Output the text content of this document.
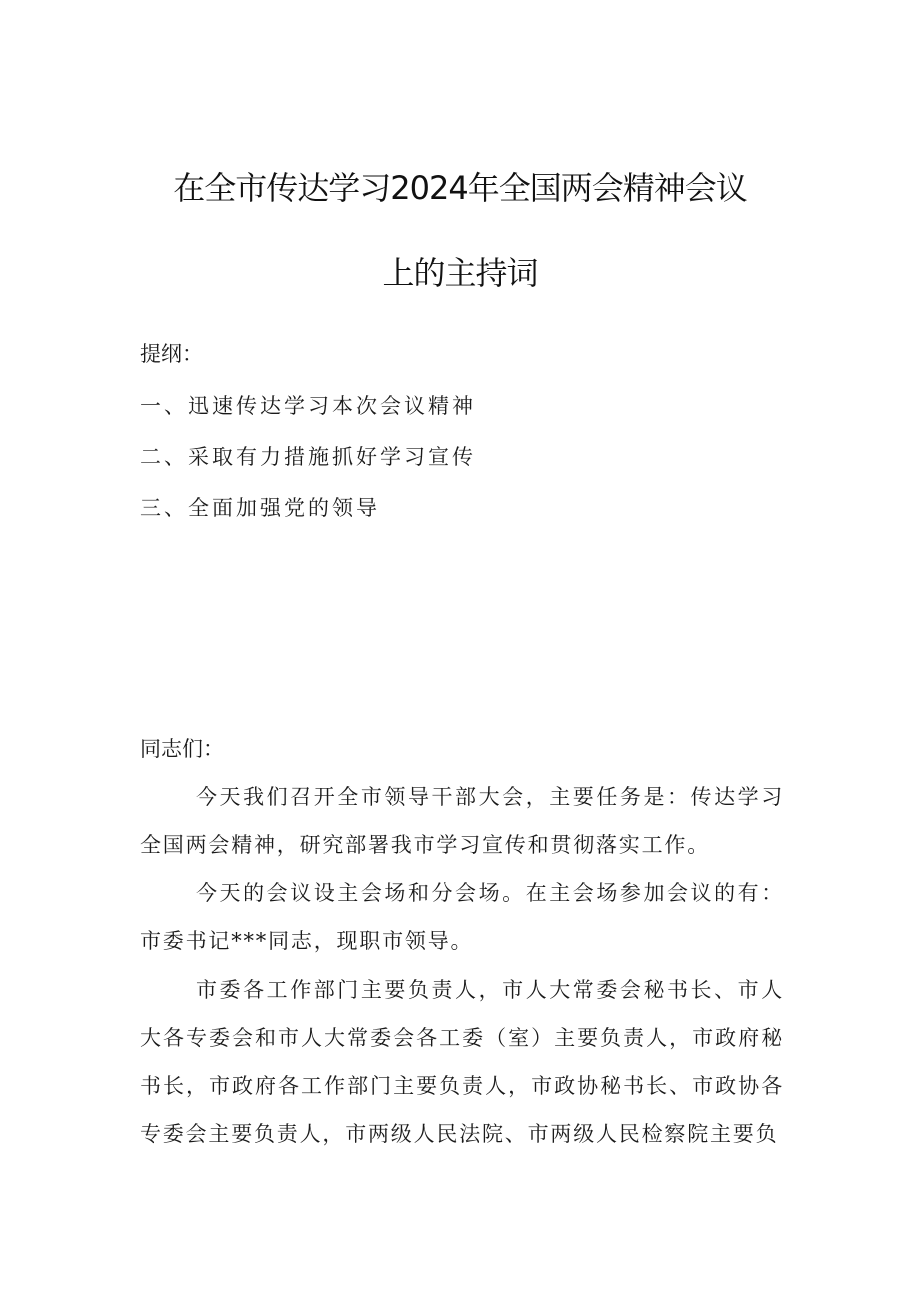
在全市传达学习2024年全国两会精神会议
上的主持词
提纲：
一、迅速传达学习本次会议精神
二、采取有力措施抓好学习宣传
三、全面加强党的领导
同志们：

今天我们召开全市领导干部大会，主要任务是：传达学习全国两会精神，研究部署我市学习宣传和贯彻落实工作。

今天的会议设主会场和分会场。在主会场参加会议的有：市委书记***同志，现职市领导。

市委各工作部门主要负责人，市人大常委会秘书长、市人大各专委会和市人大常委会各工委（室）主要负责人，市政府秘书长，市政府各工作部门主要负责人，市政协秘书长、市政协各专委会主要负责人，市两级人民法院、市两级人民检察院主要负
